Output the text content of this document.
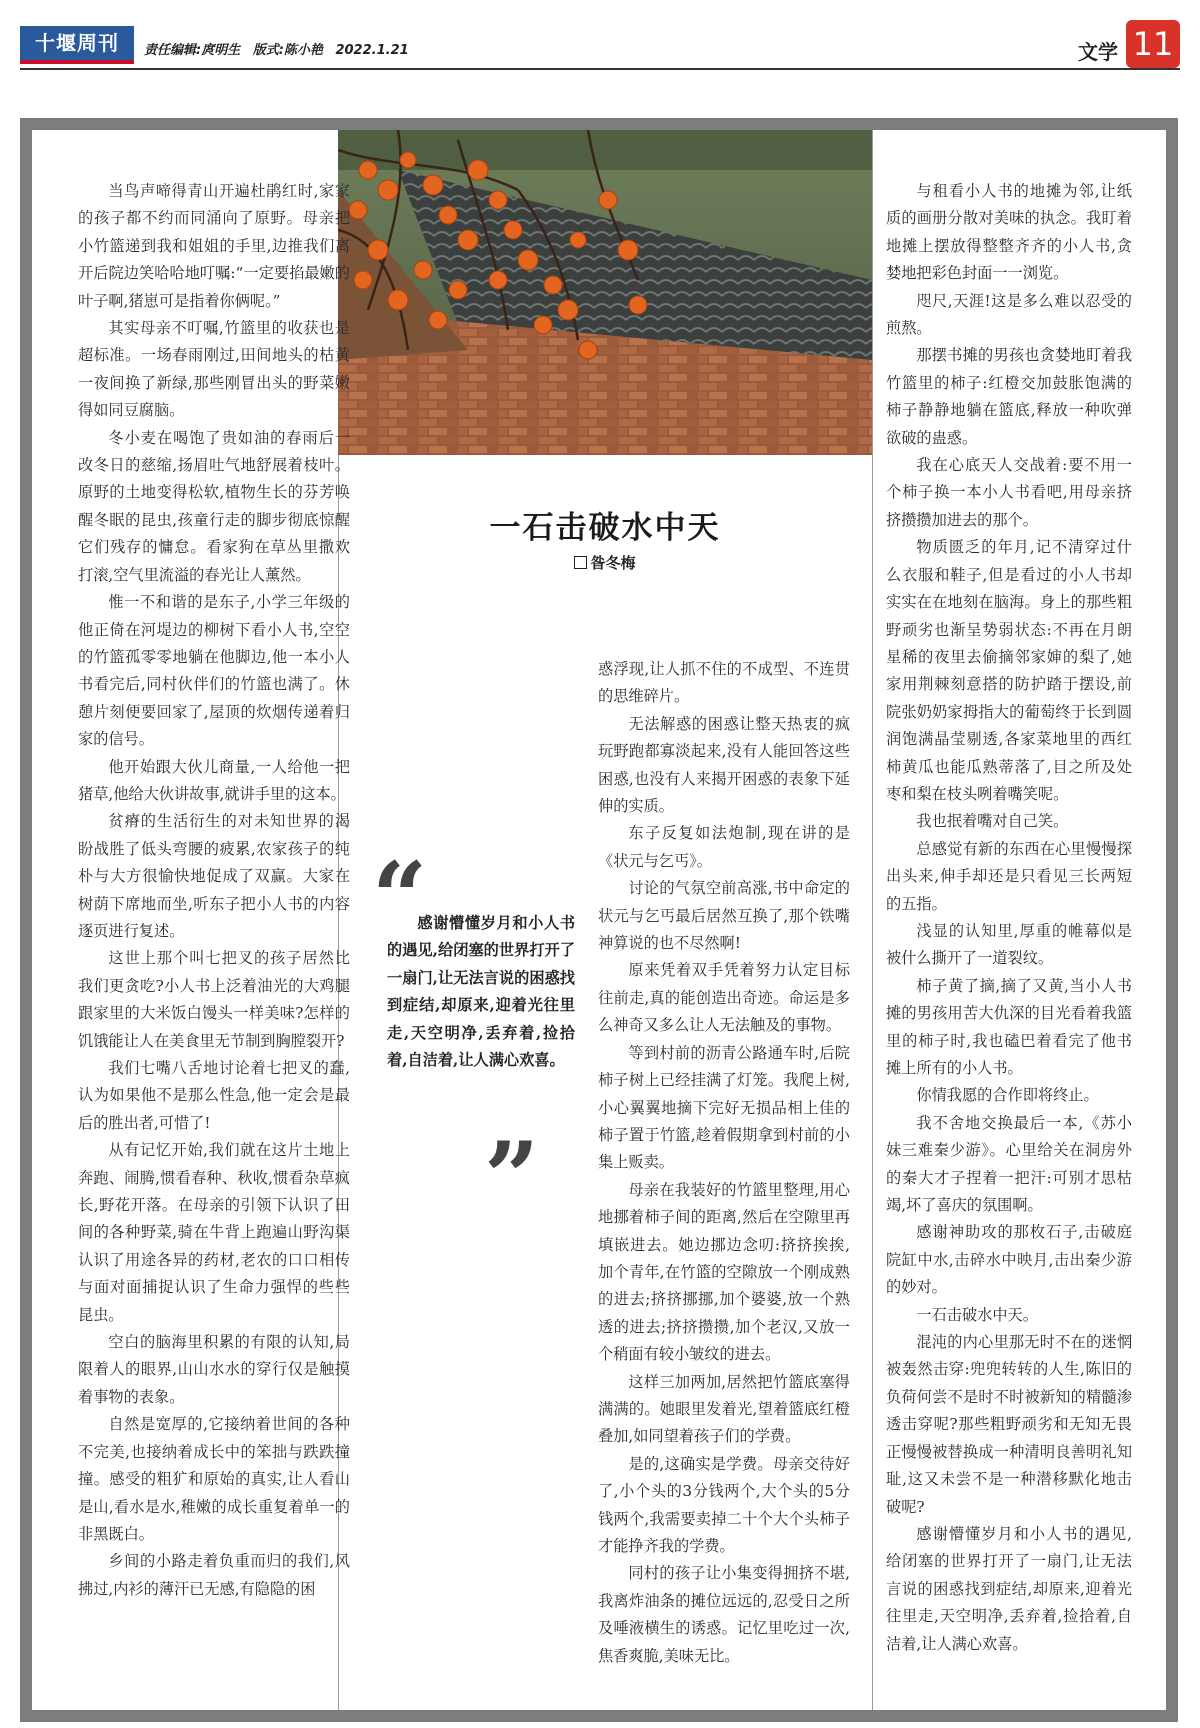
十堰周刊	责任编辑:庹明生 版式:陈小艳 2022.1.21	文学 11
一石击破水中天
昝冬梅
“
感谢懵懂岁月和小人书的遇见,给闭塞的世界打开了一扇门,让无法言说的困惑找到症结,却原来,迎着光往里走,天空明净,丢弃着,捡拾着,自洁着,让人满心欢喜。
”

当鸟声啼得青山开遍杜鹃红时,家家的孩子都不约而同涌向了原野。母亲把小竹篮递到我和姐姐的手里,边推我们离开后院边笑哈哈地叮嘱:“一定要掐最嫩的叶子啊,猪崽可是指着你俩呢。”

其实母亲不叮嘱,竹篮里的收获也是超标准。一场春雨刚过,田间地头的枯黄一夜间换了新绿,那些刚冒出头的野菜嫩得如同豆腐脑。

冬小麦在喝饱了贵如油的春雨后一改冬日的慈缩,扬眉吐气地舒展着枝叶。原野的土地变得松软,植物生长的芬芳唤醒冬眠的昆虫,孩童行走的脚步彻底惊醒它们残存的慵怠。看家狗在草丛里撒欢打滚,空气里流溢的春光让人薰然。

惟一不和谐的是东子,小学三年级的他正倚在河堤边的柳树下看小人书,空空的竹篮孤零零地躺在他脚边,他一本小人书看完后,同村伙伴们的竹篮也满了。休憩片刻便要回家了,屋顶的炊烟传递着归家的信号。

他开始跟大伙儿商量,一人给他一把猪草,他给大伙讲故事,就讲手里的这本。

贫瘠的生活衍生的对未知世界的渴盼战胜了低头弯腰的疲累,农家孩子的纯朴与大方很愉快地促成了双赢。大家在树荫下席地而坐,听东子把小人书的内容逐页进行复述。

这世上那个叫七把叉的孩子居然比我们更贪吃?小人书上泛着油光的大鸡腿跟家里的大米饭白馒头一样美味?怎样的饥饿能让人在美食里无节制到胸膛裂开?

我们七嘴八舌地讨论着七把叉的蠢,认为如果他不是那么性急,他一定会是最后的胜出者,可惜了!

从有记忆开始,我们就在这片土地上奔跑、闹腾,惯看春种、秋收,惯看杂草疯长,野花开落。在母亲的引领下认识了田间的各种野菜,骑在牛背上跑遍山野沟渠认识了用途各异的药材,老农的口口相传与面对面捕捉认识了生命力强悍的些些昆虫。

空白的脑海里积累的有限的认知,局限着人的眼界,山山水水的穿行仅是触摸着事物的表象。

自然是宽厚的,它接纳着世间的各种不完美,也接纳着成长中的笨拙与跌跌撞撞。感受的粗犷和原始的真实,让人看山是山,看水是水,稚嫩的成长重复着单一的非黑既白。

乡间的小路走着负重而归的我们,风拂过,内衫的薄汗已无感,有隐隐的困

惑浮现,让人抓不住的不成型、不连贯的思维碎片。

无法解惑的困惑让整天热衷的疯玩野跑都寡淡起来,没有人能回答这些困惑,也没有人来揭开困惑的表象下延伸的实质。

东子反复如法炮制,现在讲的是《状元与乞丐》。

讨论的气氛空前高涨,书中命定的状元与乞丐最后居然互换了,那个铁嘴神算说的也不尽然啊!

原来凭着双手凭着努力认定目标往前走,真的能创造出奇迹。命运是多么神奇又多么让人无法触及的事物。

等到村前的沥青公路通车时,后院柿子树上已经挂满了灯笼。我爬上树,小心翼翼地摘下完好无损品相上佳的柿子置于竹篮,趁着假期拿到村前的小集上贩卖。

母亲在我装好的竹篮里整理,用心地挪着柿子间的距离,然后在空隙里再填嵌进去。她边挪边念叨:挤挤挨挨,加个青年,在竹篮的空隙放一个刚成熟的进去;挤挤挪挪,加个婆婆,放一个熟透的进去;挤挤攒攒,加个老汉,又放一个稍面有较小皱纹的进去。

这样三加两加,居然把竹篮底塞得满满的。她眼里发着光,望着篮底红橙叠加,如同望着孩子们的学费。

是的,这确实是学费。母亲交待好了,小个头的3分钱两个,大个头的5分钱两个,我需要卖掉二十个大个头柿子才能挣齐我的学费。

同村的孩子让小集变得拥挤不堪,我离炸油条的摊位远远的,忍受日之所及唾液横生的诱惑。记忆里吃过一次,焦香爽脆,美味无比。

与租看小人书的地摊为邻,让纸质的画册分散对美味的执念。我盯着地摊上摆放得整整齐齐的小人书,贪婪地把彩色封面一一浏览。

咫尺,天涯!这是多么难以忍受的煎熬。

那摆书摊的男孩也贪婪地盯着我竹篮里的柿子:红橙交加鼓胀饱满的柿子静静地躺在篮底,释放一种吹弹欲破的蛊惑。

我在心底天人交战着:要不用一个柿子换一本小人书看吧,用母亲挤挤攒攒加进去的那个。

物质匮乏的年月,记不清穿过什么衣服和鞋子,但是看过的小人书却实实在在地刻在脑海。身上的那些粗野顽劣也渐呈势弱状态:不再在月朗星稀的夜里去偷摘邻家婶的梨了,她家用荆棘刻意搭的防护踏于摆设,前院张奶奶家拇指大的葡萄终于长到圆润饱满晶莹剔透,各家菜地里的西红柿黄瓜也能瓜熟蒂落了,目之所及处枣和梨在枝头咧着嘴笑呢。

我也抿着嘴对自己笑。

总感觉有新的东西在心里慢慢探出头来,伸手却还是只看见三长两短的五指。

浅显的认知里,厚重的帷幕似是被什么撕开了一道裂纹。

柿子黄了摘,摘了又黄,当小人书摊的男孩用苦大仇深的目光看着我篮里的柿子时,我也磕巴着看完了他书摊上所有的小人书。

你情我愿的合作即将终止。

我不舍地交换最后一本,《苏小妹三难秦少游》。心里给关在洞房外的秦大才子捏着一把汗:可别才思枯竭,坏了喜庆的氛围啊。

感谢神助攻的那枚石子,击破庭院缸中水,击碎水中映月,击出秦少游的妙对。

一石击破水中天。

混沌的内心里那无时不在的迷惘被轰然击穿:兜兜转转的人生,陈旧的负荷何尝不是时不时被新知的精髓渗透击穿呢?那些粗野顽劣和无知无畏正慢慢被替换成一种清明良善明礼知耻,这又未尝不是一种潜移默化地击破呢?

感谢懵懂岁月和小人书的遇见,给闭塞的世界打开了一扇门,让无法言说的困惑找到症结,却原来,迎着光往里走,天空明净,丢弃着,捡拾着,自洁着,让人满心欢喜。
